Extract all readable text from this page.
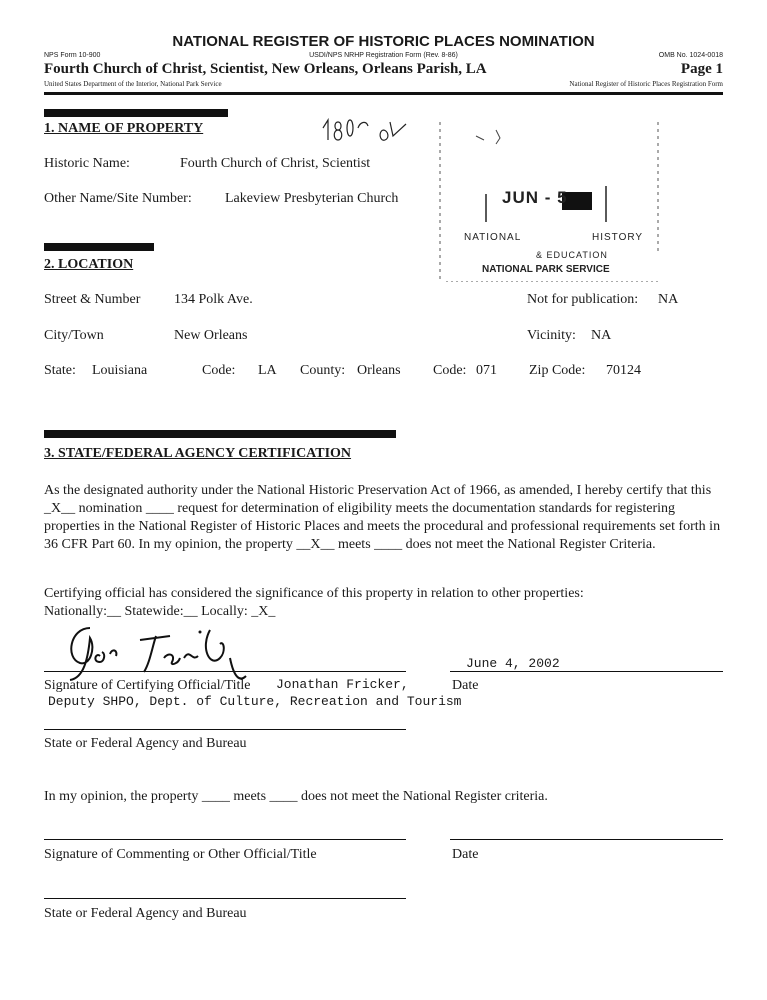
NATIONAL REGISTER OF HISTORIC PLACES NOMINATION
NPS Form 10-900	USDI/NPS NRHP Registration Form (Rev. 8-86)	OMB No. 1024-0018
Fourth Church of Christ, Scientist, New Orleans, Orleans Parish, LA	Page 1
United States Department of the Interior, National Park Service	National Register of Historic Places Registration Form
1. NAME OF PROPERTY
Historic Name:	Fourth Church of Christ, Scientist
Other Name/Site Number: Lakeview Presbyterian Church	JUN - 5
NATIONAL	HISTORY
& EDUCATION
NATIONAL PARK SERVICE
2. LOCATION
Street & Number 134 Polk Ave.	Not for publication: NA
City/Town	New Orleans	Vicinity: NA
State: Louisiana	Code: LA County: Orleans Code: 071 Zip Code: 70124
3. STATE/FEDERAL AGENCY CERTIFICATION
As the designated authority under the National Historic Preservation Act of 1966, as amended, I hereby certify that this _X__ nomination ____ request for determination of eligibility meets the documentation standards for registering properties in the National Register of Historic Places and meets the procedural and professional requirements set forth in 36 CFR Part 60. In my opinion, the property __X__ meets ____ does not meet the National Register Criteria.
Certifying official has considered the significance of this property in relation to other properties:
Nationally:__ Statewide:__ Locally: _X_
June 4, 2002
Signature of Certifying Official/Title Jonathan Fricker,	Date
Deputy SHPO, Dept. of Culture, Recreation and Tourism
State or Federal Agency and Bureau
In my opinion, the property ____ meets ____ does not meet the National Register criteria.
Signature of Commenting or Other Official/Title	Date
State or Federal Agency and Bureau
